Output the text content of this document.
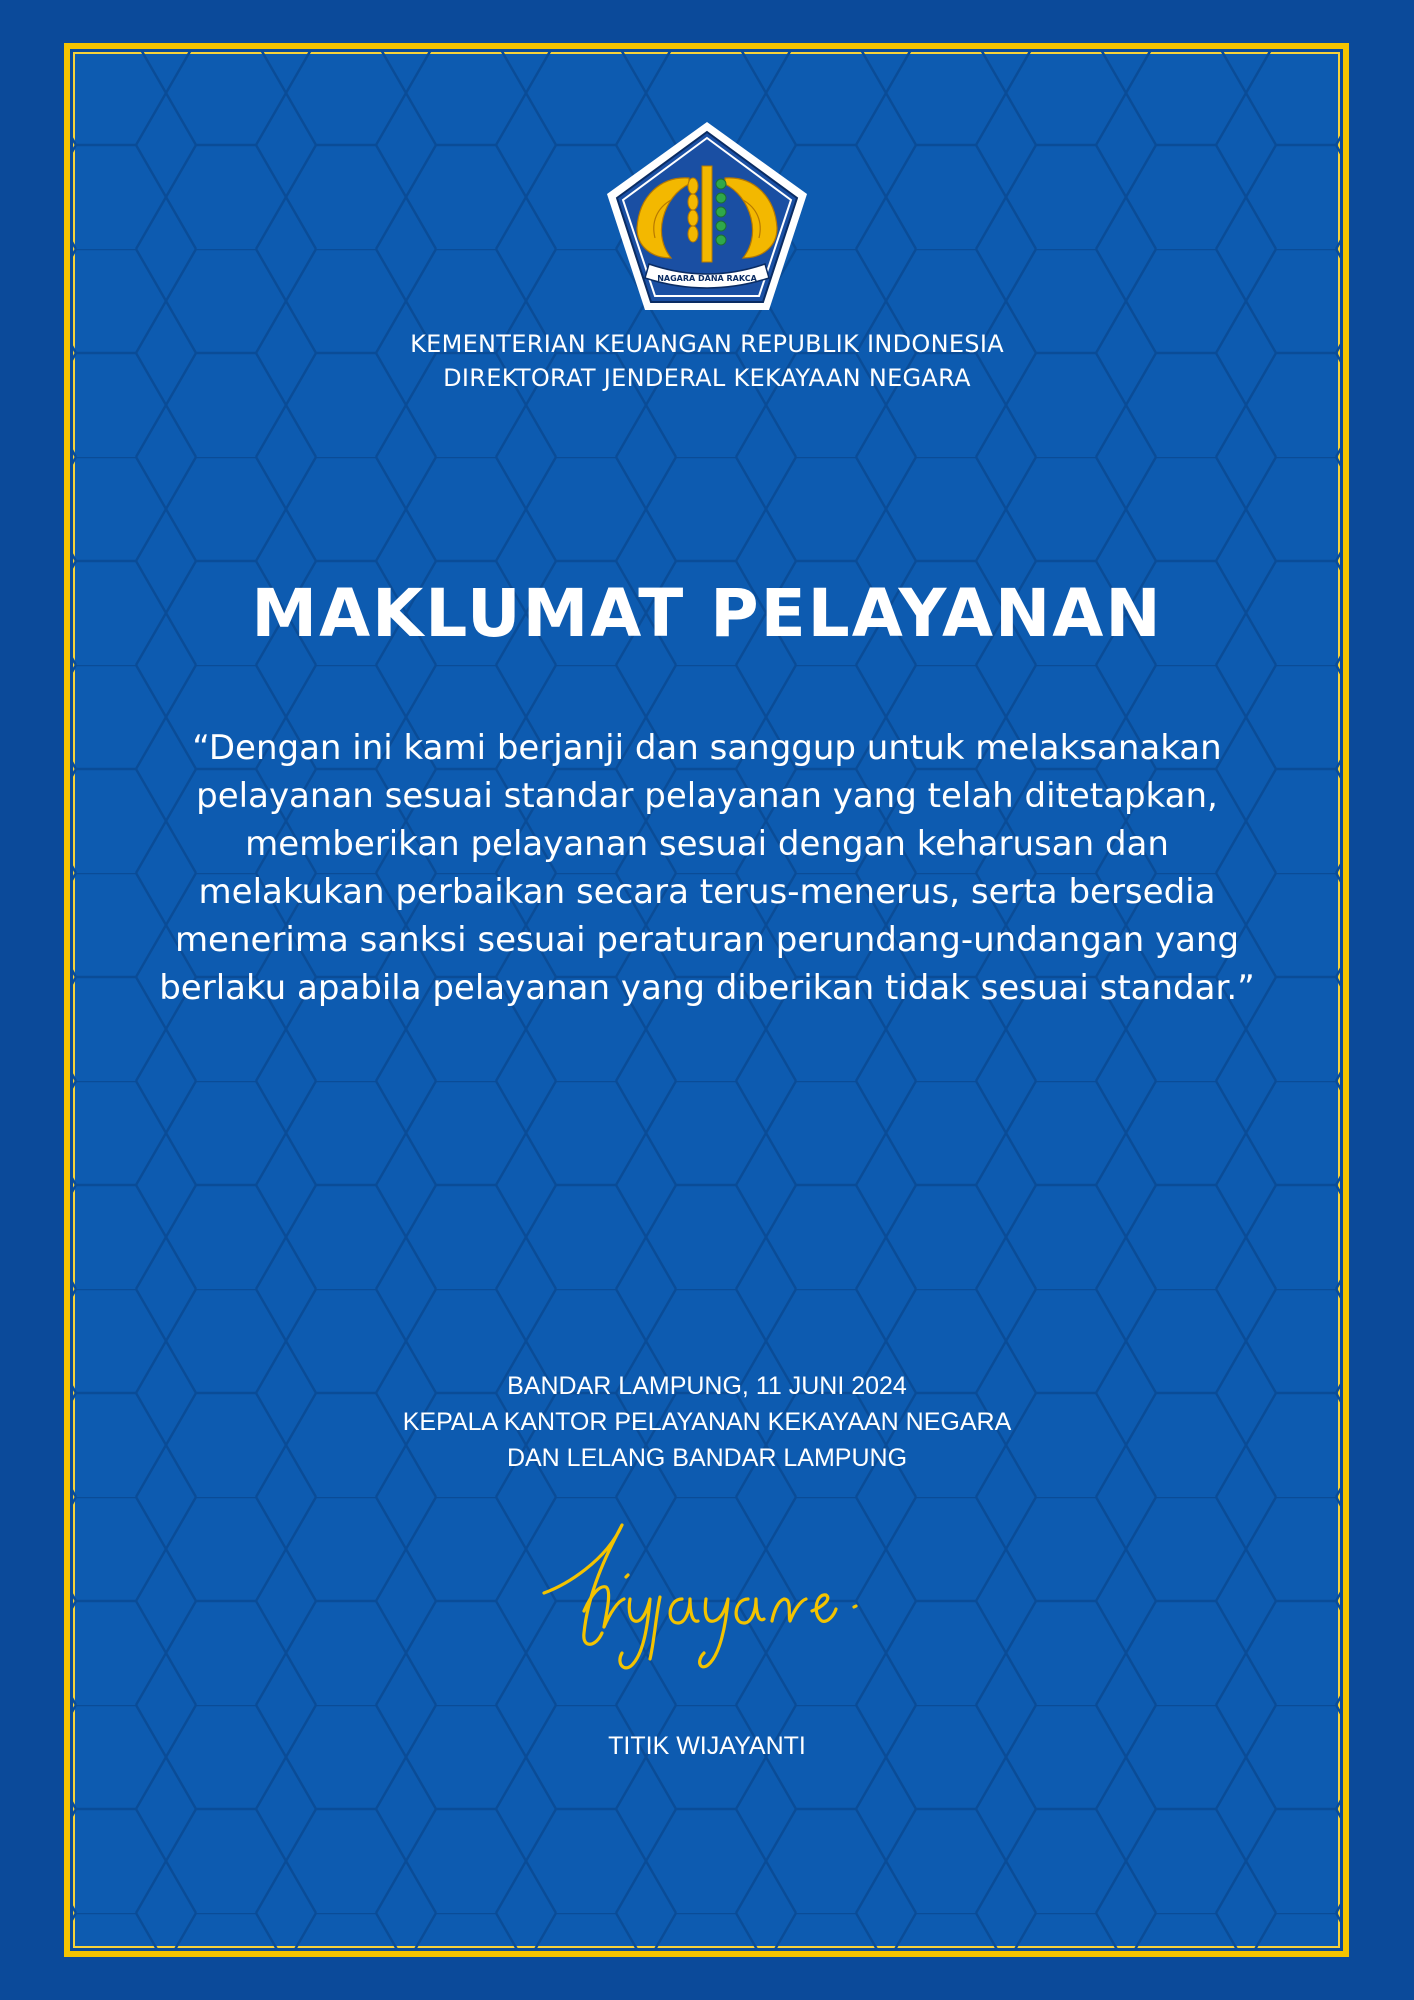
NAGARA DANA RAKCA
KEMENTERIAN KEUANGAN REPUBLIK INDONESIA
DIREKTORAT JENDERAL KEKAYAAN NEGARA
MAKLUMAT PELAYANAN
“Dengan ini kami berjanji dan sanggup untuk melaksanakan
pelayanan sesuai standar pelayanan yang telah ditetapkan,
memberikan pelayanan sesuai dengan keharusan dan
melakukan perbaikan secara terus-menerus, serta bersedia
menerima sanksi sesuai peraturan perundang-undangan yang
berlaku apabila pelayanan yang diberikan tidak sesuai standar.”
BANDAR LAMPUNG, 11 JUNI 2024
KEPALA KANTOR PELAYANAN KEKAYAAN NEGARA
DAN LELANG BANDAR LAMPUNG
TITIK WIJAYANTI
